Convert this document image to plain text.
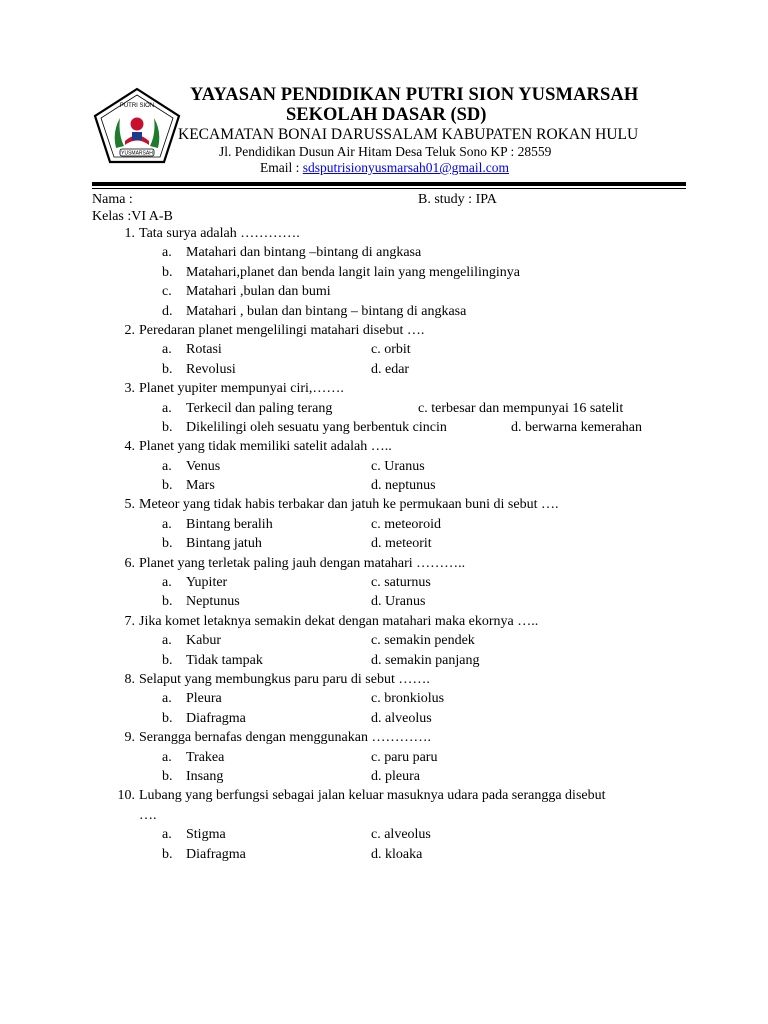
PUTRI SION
YUSMARSAH
YAYASAN PENDIDIKAN PUTRI SION YUSMARSAH
SEKOLAH DASAR (SD)
KECAMATAN BONAI DARUSSALAM KABUPATEN ROKAN HULU
Jl. Pendidikan Dusun Air Hitam Desa Teluk Sono KP : 28559
Email : sdsputrisionyusmarsah01@gmail.com
Nama :	B. study : IPA
Kelas :VI A-B
1. Tata surya adalah ………….
a. Matahari dan bintang –bintang di angkasa
b. Matahari,planet dan benda langit lain yang mengelilinginya
c. Matahari ,bulan dan bumi
d. Matahari , bulan dan bintang – bintang di angkasa
2. Peredaran planet mengelilingi matahari disebut ….
a. Rotasi	c. orbit
b. Revolusi	d. edar
3. Planet yupiter mempunyai ciri,…….
a. Terkecil dan paling terang	c. terbesar dan mempunyai 16 satelit
b. Dikelilingi oleh sesuatu yang berbentuk cincin	d. berwarna kemerahan
4. Planet yang tidak memiliki satelit adalah …..
a. Venus	c. Uranus
b. Mars	d. neptunus
5. Meteor yang tidak habis terbakar dan jatuh ke permukaan buni di sebut ….
a. Bintang beralih	c. meteoroid
b. Bintang jatuh	d. meteorit
6. Planet yang terletak paling jauh dengan matahari ………..
a. Yupiter	c. saturnus
b. Neptunus	d. Uranus
7. Jika komet letaknya semakin dekat dengan matahari maka ekornya …..
a. Kabur	c. semakin pendek
b. Tidak tampak	d. semakin panjang
8. Selaput yang membungkus paru paru di sebut …….
a. Pleura	c. bronkiolus
b. Diafragma	d. alveolus
9. Serangga bernafas dengan menggunakan ………….
a. Trakea	c. paru paru
b. Insang	d. pleura
10. Lubang yang berfungsi sebagai jalan keluar masuknya udara pada serangga disebut
….
a. Stigma	c. alveolus
b. Diafragma	d. kloaka
